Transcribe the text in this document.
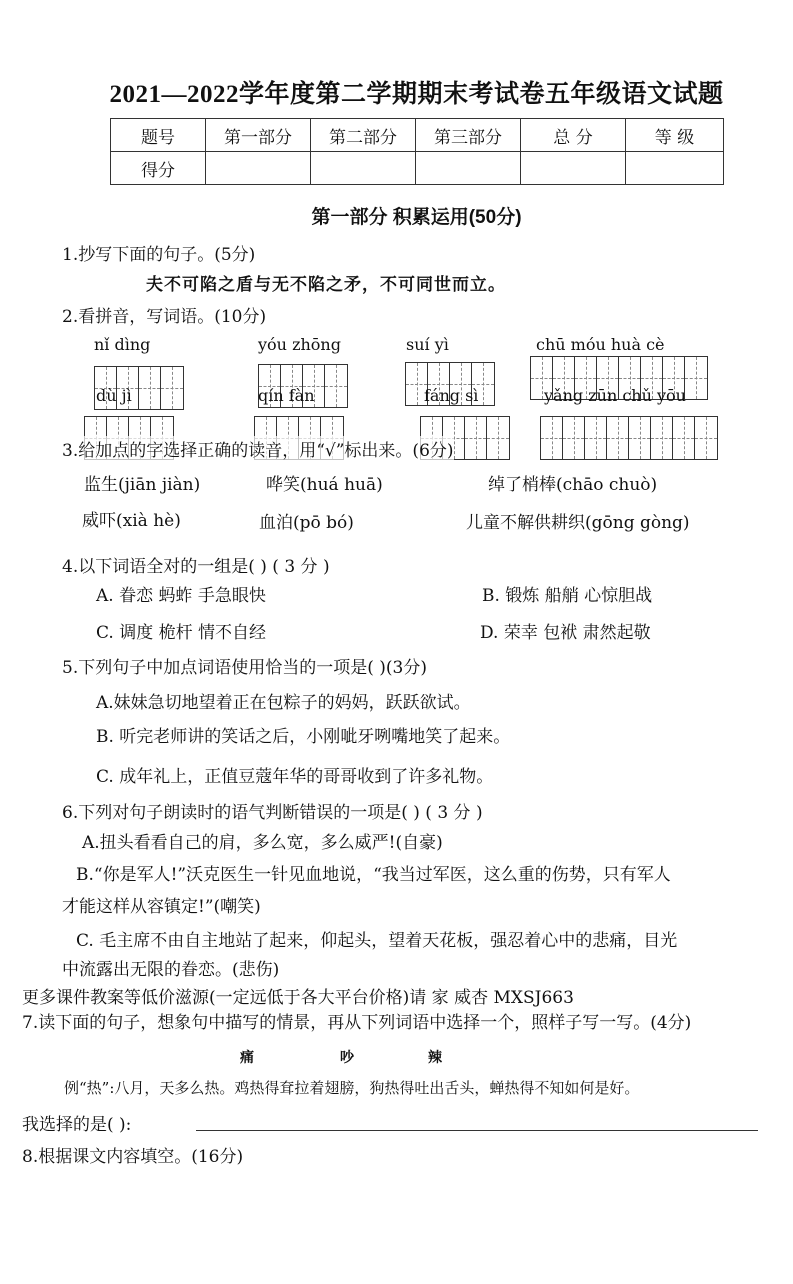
2021—2022学年度第二学期期末考试卷五年级语文试题
题号	第一部分	第二部分	第三部分	总 分	等 级
得分					
第一部分 积累运用(50分)
1.抄写下面的句子。(5分)
夫不可陷之盾与无不陷之矛，不可同世而立。
2.看拼音，写词语。(10分)
nǐ dìng	yóu zhōng	suí yì	chū móu huà cè
dù jì	qín fàn	fáng sì	yǎng zūn chǔ yōu
3.给加点的字选择正确的读音，用“√”标出来。(6分)
监生(jiān jiàn)	哗笑(huá huā)	绰了梢棒(chāo chuò)
威吓(xià hè)	血泊(pō bó)	儿童不解供耕织(gōng gòng)
4.以下词语全对的一组是( ) ( 3 分 )
A. 眷恋 蚂蚱 手急眼快	B. 锻炼 船艄 心惊胆战
C. 调度 桅杆 情不自经	D. 荣幸 包袱 肃然起敬
5.下列句子中加点词语使用恰当的一项是( )(3分)
A.妹妹急切地望着正在包粽子的妈妈，跃跃欲试。
B. 听完老师讲的笑话之后，小刚呲牙咧嘴地笑了起来。
C. 成年礼上，正值豆蔻年华的哥哥收到了许多礼物。
6.下列对句子朗读时的语气判断错误的一项是( ) ( 3 分 )
A.扭头看看自己的肩，多么宽，多么威严!(自豪)
B.“你是军人!”沃克医生一针见血地说，“我当过军医，这么重的伤势，只有军人
才能这样从容镇定!”(嘲笑)
C. 毛主席不由自主地站了起来，仰起头，望着天花板，强忍着心中的悲痛，目光
中流露出无限的眷恋。(悲伤)
更多课件教案等低价滋源(一定远低于各大平台价格)请 家 威杏 MXSJ663
7.读下面的句子，想象句中描写的情景，再从下列词语中选择一个，照样子写一写。(4分)
痛	吵	辣
例“热”:八月，天多么热。鸡热得耷拉着翅膀，狗热得吐出舌头，蝉热得不知如何是好。
我选择的是( ):
8.根据课文内容填空。(16分)
